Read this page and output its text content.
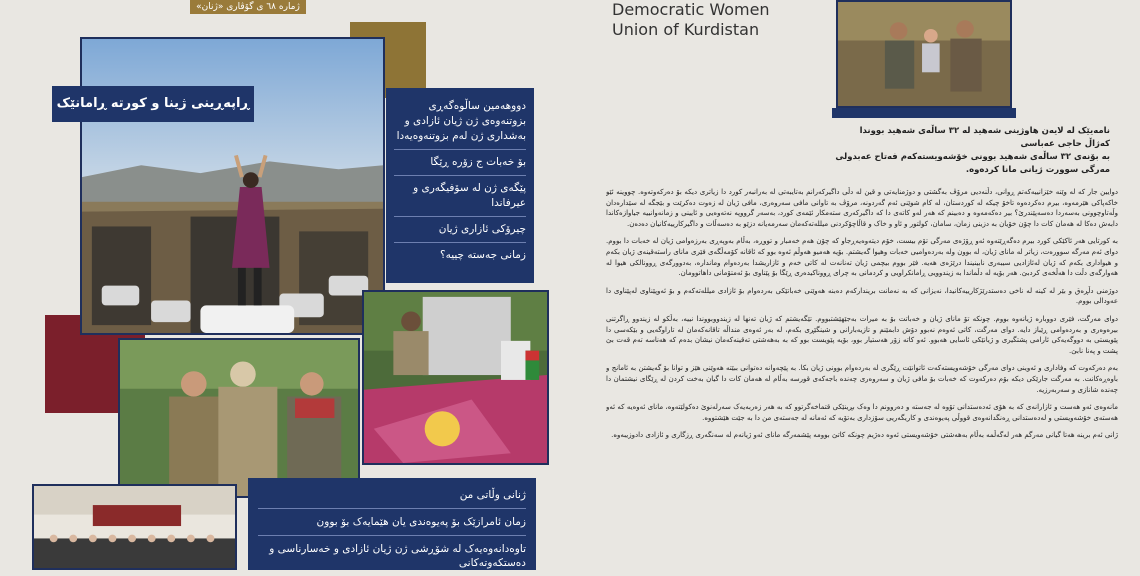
ژمارە ٦٨ ی گۆڤاری «ژنان»
ڕاپەڕینی ژینا و کورتە ڕامانێک	دووهەمین ساڵوەگەڕی بزوتنەوەی ژن ژیان ئازادی و بەشداری ژن لەم بزوتنەوەیەدا
بۆ خەبات ج زۆرە ڕێگا
پێگەی ژن لە سۆفیگەری و عیرفاندا
چیرۆکی ئازاری ژیان
زمانی جەستە چییە؟
ژنانی وڵاتی من
زمان ئامرازێک بۆ پەیوەندی یان هێمایەک بۆ بوون
تاوەدانەوەیەک لە شۆڕشی ژن ژیان ئازادی و خەسارناسی و دەستکەوتەکانی
Democratic Women
Union of Kurdistan
نامەیێک لە لایەن هاوژینی شەهید لە ٣٢ ساڵەی شەهید بووندا
کەژاڵ حاجی عەباسی
بە بۆنەی ٣٢ ساڵەی شەهید بوونی خۆشەویستەکەم فەتاح عەبدولی
مەرگی سوورت ژیانی مانا کردەوە.

دوایین جار کە لە وێنە خێزانییەکەتم ڕوانی، دڵنەدیی مرۆڤ بەگشتی و دوژمنایەتی و قین لە دڵی داگیرکەرانم بەتایبەتی لە بەرانبەر کورد دا زیاتری دیکە بۆ دەرکەوتەوە. چووینە ئێو خاکەپاکی هێرمەوە، بیرم دەکردەوە تاخۆ چیکە لە کوردستان، لە کام شوێنی ئەم گەردونە، مرۆڤ بە تاوانی مافی سەروەری، مافی ژیان لە زەوت دەکرێت و بێجگە لە سێدارەدان وڵەتاوچوونی بەسەردا دەسەپێندرێ؟ بیر دەکەمەوە و دەبینم کە هەر لەو کاتەی دا کە داگیرکەری ستەمکار ئێمەی کورد، بەسەر گرووپە نەتەوەیی و ئایینی و زمانەوانییە جیاوازەکاندا دابەش دەکا لە هەمان کات دا چۆن خۆیان بە دزینی زمان، سامان، کولتور و ئاو و خاک و قاڵاچۆکردنی میللەتەکەمان سەرمەیانە دزێو بە دەسەڵات و داگیرکارییەکانیان دەدەن.

بە کورتایی هەر ئاکێکی کورد بیرم دەگەڕێتەوە ئەو ڕۆژەی مەرگی تۆم بیست، خۆم دیتەوەیەڕجاو کە چۆن هەم خەمبار و تووڕە، بەڵام بەوپەڕی بەرزەوامی ژیان لە خەبات دا بووم. دوای ئەم مەرگە سوورەت، زیاتر لە مانای ژیان، لە بوون وله بەردەوامیی خەبات وهیوا گەیشتم. بۆیە هەمیو هەوڵم ئەوە بوو کە ئاقانە کۆمەڵگەی فێری مانای راستەقینەی ژیان بکەم و هیواداری بکەم کە ژیان لەئازادیی سیبەری نابینیندا درێژەی هەیە. فێر بووم بیچمی ژیان تەنانەت لە کاتی خەم و ئازاریشدا بەردەوام وماندارە، بەدوورگەی ڕوونالکی هیوا لە هەوارگەی دڵت دا هەڵخەی کردبێ. هەر بۆیە لە دڵماندا بە زیندوویی ڕامانکراویی و کردمانی بە چرای ڕووناکیدەری ڕێگا بۆ پێناوی بۆ ئەمتۆمانی داهاتوومان.

دوژمنی دڵڕەق و بێر لە کینە لە ناخی دەستدرێژکارییەکانیدا، نەیزانی کە بە نەمانت بریندارکەم دەبنە هەوێنی خەباتێکی بەردەوام بۆ ئازادی میللەتەکەم و بۆ ئەوپێناوی لەپێناوی دا عەودالی بووم.

دوای مەرگت، فێری دووبارە ژیانەوە بووم. چونکە تۆ مانای ژیان و خەباتت بۆ بە میرات بەجێهێشتبووم. تێگەیشتم کە ژیان تەنها لە زیندووبووندا نییە، بەڵکو لە زیندوو ڕاگرتنی بیرەوەری و بەردەوامی ڕێباز دایە. دوای مەرگت، کاتی ئەوەم نەبوو دۆش دابمێنم و تازیەبارانی و شینگێڕی بکەم، لە بەر ئەوەی منداڵە تاقانەکەمان لە تاراوگەیی و بێکەسی دا پێویستی بە دووگەیەکی ئارامی پشتگیری و ژیانێکی ئاسایی هەبوو. ئەو کاتە زۆر هەستیار بوو، بۆیە پێویست بوو کە بە بەهەشتی تەقینەکەمان نیشان بدەم کە هەناسە تەم قەت بێ پشت و پەنا نابێ.

بەم دەرکەوت کە وفاداری و ئەوینی دوای مەرگی خۆشەویستەکەت ئاتوانێت ڕێگری لە بەردەوام بوونی ژیان بکا. بە پێچەوانە دەتوانی ببێتە هەوێنی هێز و توانا بۆ گەیشتن بە ئامانج و باوەڕەکانت. بە مەرگت جارێکی دیکە بۆم دەرکەوت کە خەبات بۆ مافی ژیان و سەروەری چەندە باجەکەی قورسە بەڵام لە هەمان کات دا گیان بەخت کردن لە ڕێگای نیشتمان دا چەندە شانازی و سەربەرزیە.

مانەوەی ئەو هەست و ئازارانەی کە بە هۆی ئەدەستدانی تۆوە لە جەستە و دەروونم دا وەک بڕینێکی قتماخەگرتوو کە بە هەر زەربەیەک سەرلەنوێ دەکولێتەوە، مانای ئەوەیە کە ئەو هەستەی خۆشەویستی و لەدەستدانی ڕەنگدانەوەی قووڵی پەیوەندی و کاریگەریی سۆزداری بەتۆیە کە ئەمانە لە جەستەی من دا بە جێت هێشتووە.

ژانی ئەم برینە هەتا گیانی مەرگم هەر لەگەڵمە بەڵام بەهەشتی خۆشەویستی ئەوە دەژیم چونکە کاتێ بوومە پێشمەرگە مانای ئەو ژیانەم لە سەنگەری ڕزگاری و ئازادی دادوزیبەوە.
